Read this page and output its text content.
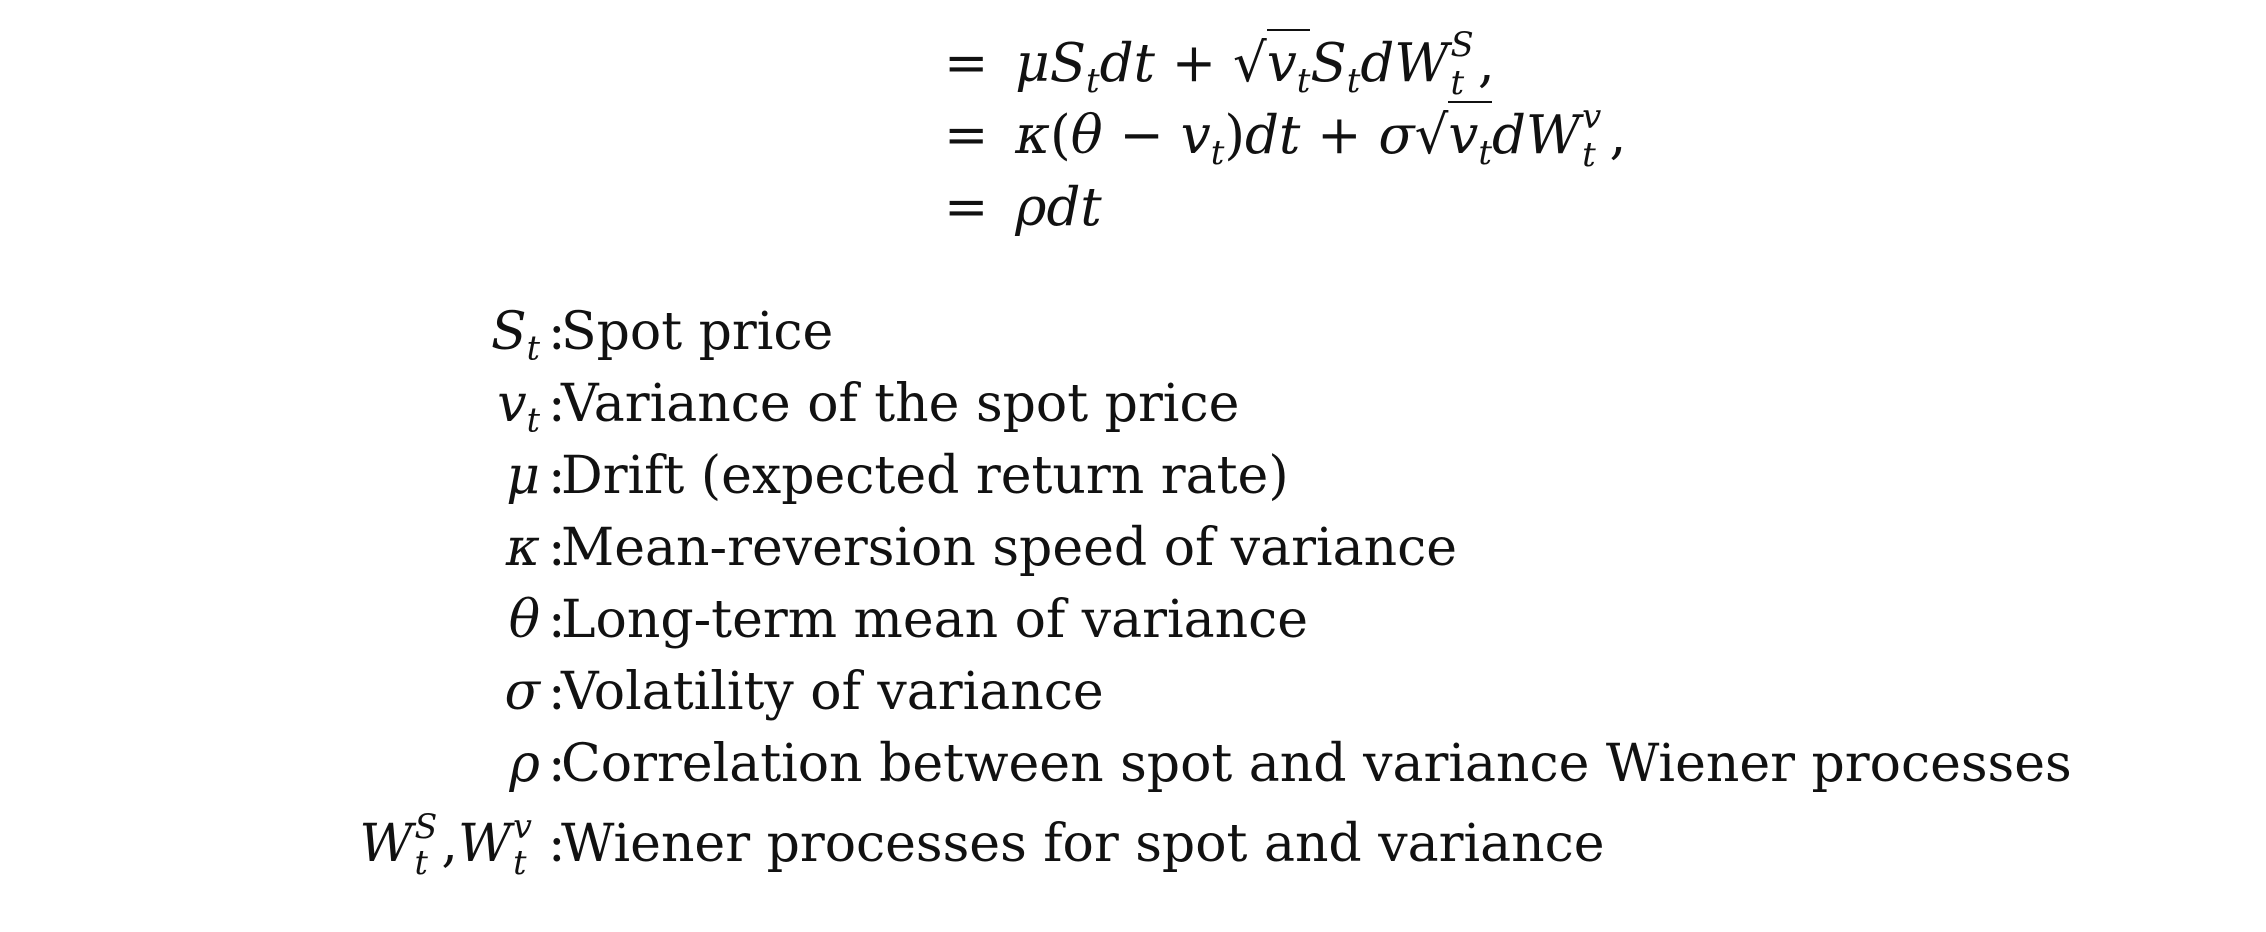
= $\mu S_tdt + √v_tS_tdW$ S
t ,
= $\kappa(\theta - v_t)dt + \sigma√v_tdW$ v
t ,
= ρdt
$S_t$ :
Spot price
$v_t$ :
Variance of the spot price
μ :
Drift (expected return rate)
κ :
Mean-reversion speed of variance
θ :
Long-term mean of variance
σ :
Volatility of variance
ρ :
Correlation between spot and variance Wiener processes
W S
t ,W v
t :
Wiener processes for spot and variance
